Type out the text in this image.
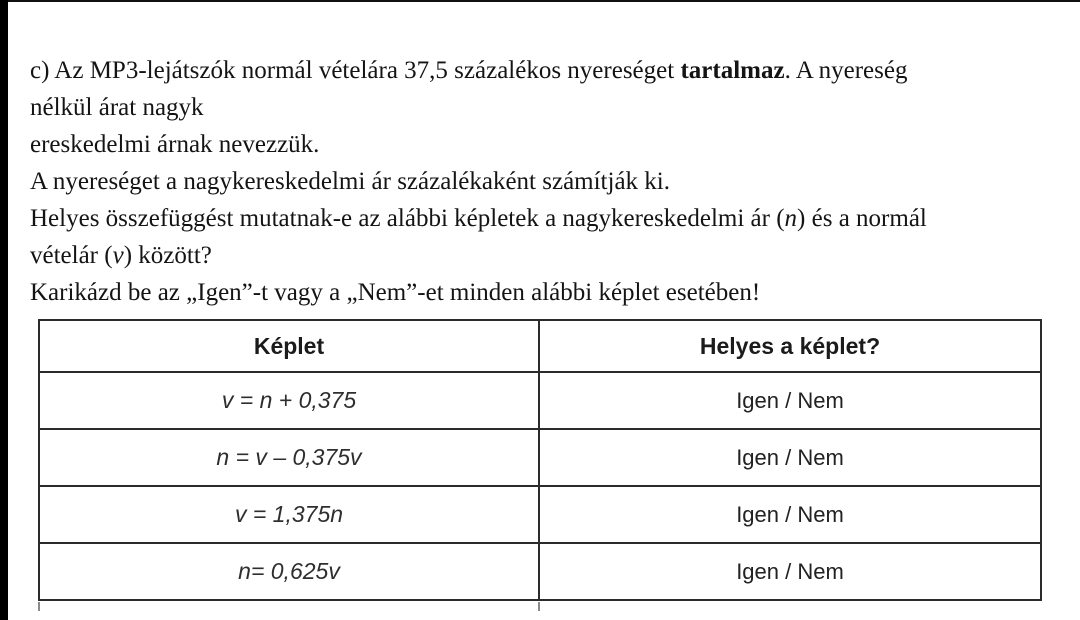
c) Az MP3-lejátszók normál vételára 37,5 százalékos nyereséget tartalmaz. A nyereség
nélkül árat nagyk
ereskedelmi árnak nevezzük.
A nyereséget a nagykereskedelmi ár százalékaként számítják ki.
Helyes összefüggést mutatnak-e az alábbi képletek a nagykereskedelmi ár (n) és a normál
vételár (v) között?
Karikázd be az „Igen”-t vagy a „Nem”-et minden alábbi képlet esetében!
Képlet	Helyes a képlet?
v = n + 0,375	Igen / Nem
n = v – 0,375v	Igen / Nem
v = 1,375n	Igen / Nem
n= 0,625v	Igen / Nem
